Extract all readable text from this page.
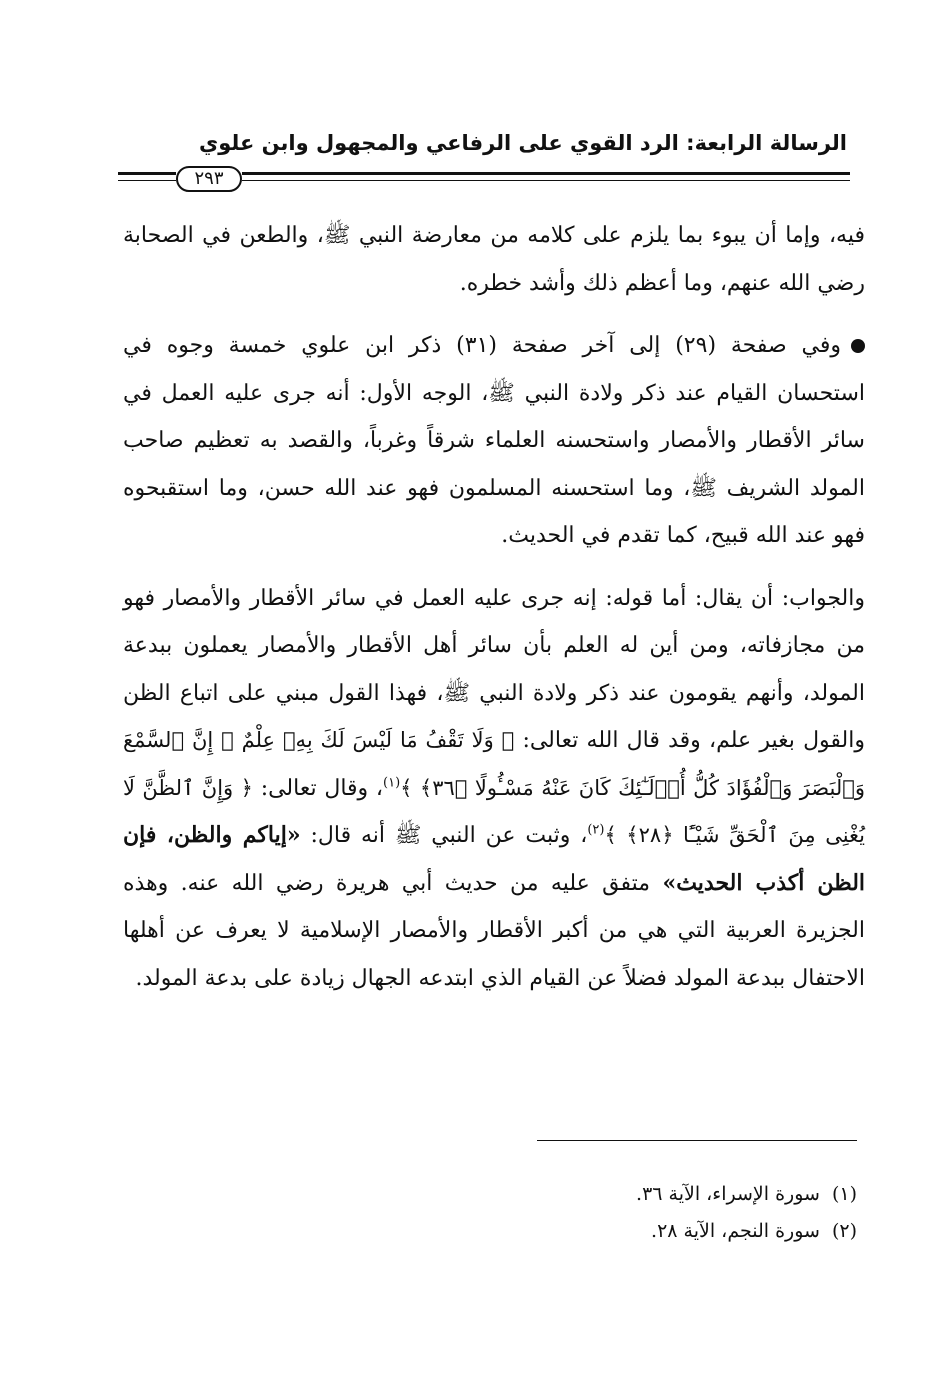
الرسالة الرابعة: الرد القوي على الرفاعي والمجهول وابن علوي
٢٩٣

فيه، وإما أن يبوء بما يلزم على كلامه من معارضة النبي ﷺ، والطعن في الصحابة رضي الله عنهم، وما أعظم ذلك وأشد خطره.

وفي صفحة (٢٩) إلى آخر صفحة (٣١) ذكر ابن علوي خمسة وجوه في استحسان القيام عند ذكر ولادة النبي ﷺ، الوجه الأول: أنه جرى عليه العمل في سائر الأقطار والأمصار واستحسنه العلماء شرقاً وغرباً، والقصد به تعظيم صاحب المولد الشريف ﷺ، وما استحسنه المسلمون فهو عند الله حسن، وما استقبحوه فهو عند الله قبيح، كما تقدم في الحديث.

والجواب: أن يقال: أما قوله: إنه جرى عليه العمل في سائر الأقطار والأمصار فهو من مجازفاته، ومن أين له العلم بأن سائر أهل الأقطار والأمصار يعملون ببدعة المولد، وأنهم يقومون عند ذكر ولادة النبي ﷺ، فهذا القول مبني على اتباع الظن والقول بغير علم، وقد قال الله تعالى: ﴿ وَلَا تَقْفُ مَا لَيْسَ لَكَ بِهِۦ عِلْمٌ ۚ إِنَّ ٱلسَّمْعَ وَٱلْبَصَرَ وَٱلْفُؤَادَ كُلُّ أُو۟لَـٰٓئِكَ كَانَ عَنْهُ مَسْـُٔولًا ﴿٣٦﴾ ﴾$^{(١)}$، وقال تعالى: ﴿ وَإِنَّ ٱلظَّنَّ لَا يُغْنِى مِنَ ٱلْحَقِّ شَيْـًٔا ﴿٢٨﴾ ﴾$^{(٢)}$، وثبت عن النبي ﷺ أنه قال: «إياكم والظن، فإن الظن أكذب الحديث» متفق عليه من حديث أبي هريرة رضي الله عنه. وهذه الجزيرة العربية التي هي من أكبر الأقطار والأمصار الإسلامية لا يعرف عن أهلها الاحتفال ببدعة المولد فضلاً عن القيام الذي ابتدعه الجهال زيادة على بدعة المولد.

(١)سورة الإسراء، الآية ٣٦.
(٢)سورة النجم، الآية ٢٨.
